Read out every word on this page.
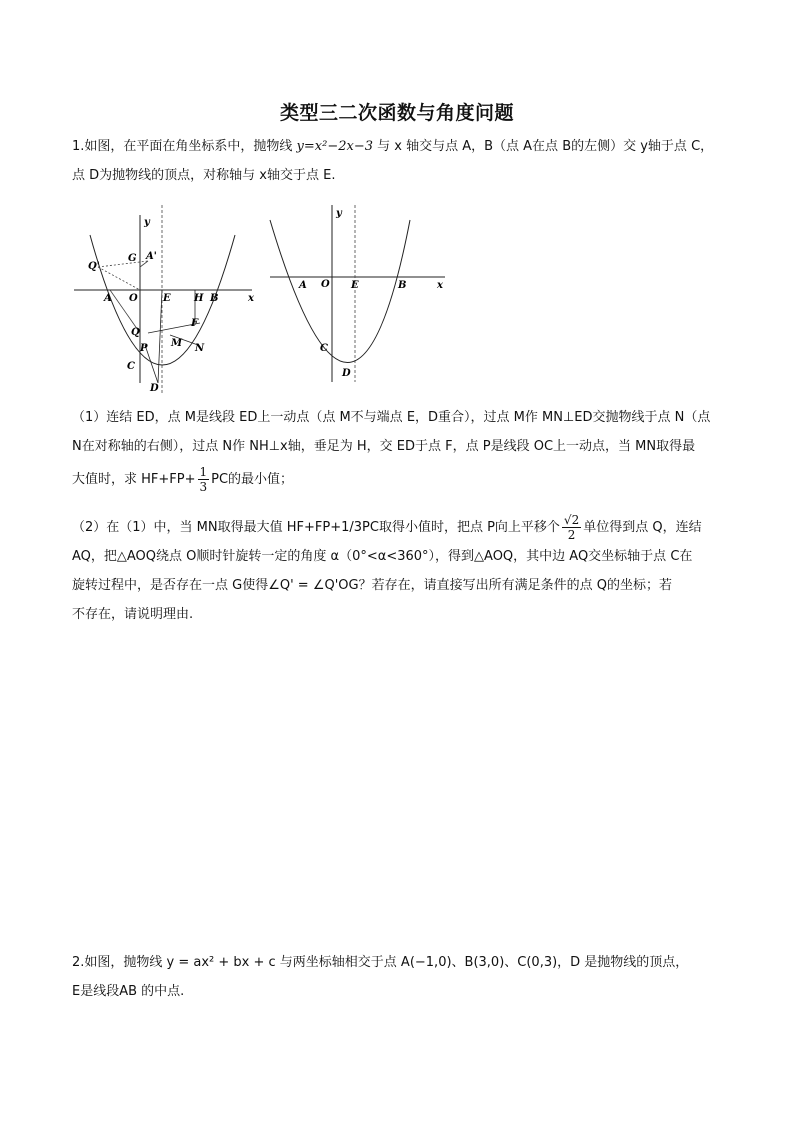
类型三二次函数与角度问题
1.如图，在平面在角坐标系中，抛物线 y=x²−2x−3 与 x 轴交与点 A，B（点 A在点 B的左侧）交 y轴于点 C，
点 D为抛物线的顶点，对称轴与 x轴交于点 E.
y
x
Q'
G A'
A O	E H B
F
Q
P M N
C
D
y
x
A O E	B
C
D
（1）连结 ED，点 M是线段 ED上一动点（点 M不与端点 E，D重合），过点 M作 MN⊥ED交抛物线于点 N（点
N在对称轴的右侧），过点 N作 NH⊥x轴，垂足为 H，交 ED于点 F，点 P是线段 OC上一动点，当 MN取得最
大值时，求 $HF+FP+ \frac{1}{3}$ PC的最小值；
（2）在（1）中，当 MN取得最大值 HF+FP+1/3PC取得小值时，把点 P向上平移个 $\frac{√2}{2}$ 单位得到点 Q，连结
AQ，把△AOQ绕点 O顺时针旋转一定的角度 α（0°<α<360°），得到△AOQ，其中边 AQ交坐标轴于点 C在
旋转过程中，是否存在一点 G使得∠Q' = ∠Q'OG？若存在，请直接写出所有满足条件的点 Q的坐标；若
不存在，请说明理由.
2.如图，抛物线 y = ax² + bx + c 与两坐标轴相交于点 A(−1,0)、B(3,0)、C(0,3)，D 是抛物线的顶点，
E是线段AB 的中点.
